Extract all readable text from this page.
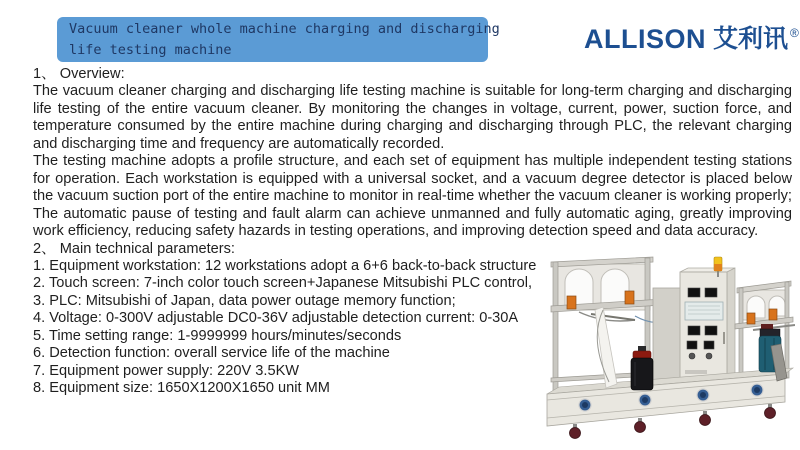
Vacuum cleaner whole machine charging and discharging
life testing machine	ALLISON 艾利讯 ®

1、 Overview:

The vacuum cleaner charging and discharging life testing machine is suitable for long-term charging and discharging life testing of the entire vacuum cleaner. By monitoring the changes in voltage, current, power, suction force, and temperature consumed by the entire machine during charging and discharging through PLC, the relevant charging and discharging time and frequency are automatically recorded.

The testing machine adopts a profile structure, and each set of equipment has multiple independent testing stations for operation. Each workstation is equipped with a universal socket, and a vacuum degree detector is placed below the vacuum suction port of the entire machine to monitor in real-time whether the vacuum cleaner is working properly; The automatic pause of testing and fault alarm can achieve unmanned and fully automatic aging, greatly improving work efficiency, reducing safety hazards in testing operations, and improving detection speed and data accuracy.

2、 Main technical parameters:

1. Equipment workstation: 12 workstations adopt a 6+6 back-to-back structure
2. Touch screen: 7-inch color touch screen+Japanese Mitsubishi PLC control,
3. PLC: Mitsubishi of Japan, data power outage memory function;
4. Voltage: 0-300V adjustable DC0-36V adjustable detection current: 0-30A
5. Time setting range: 1-9999999 hours/minutes/seconds
6. Detection function: overall service life of the machine
7. Equipment power supply: 220V 3.5KW
8. Equipment size: 1650X1200X1650 unit MM
